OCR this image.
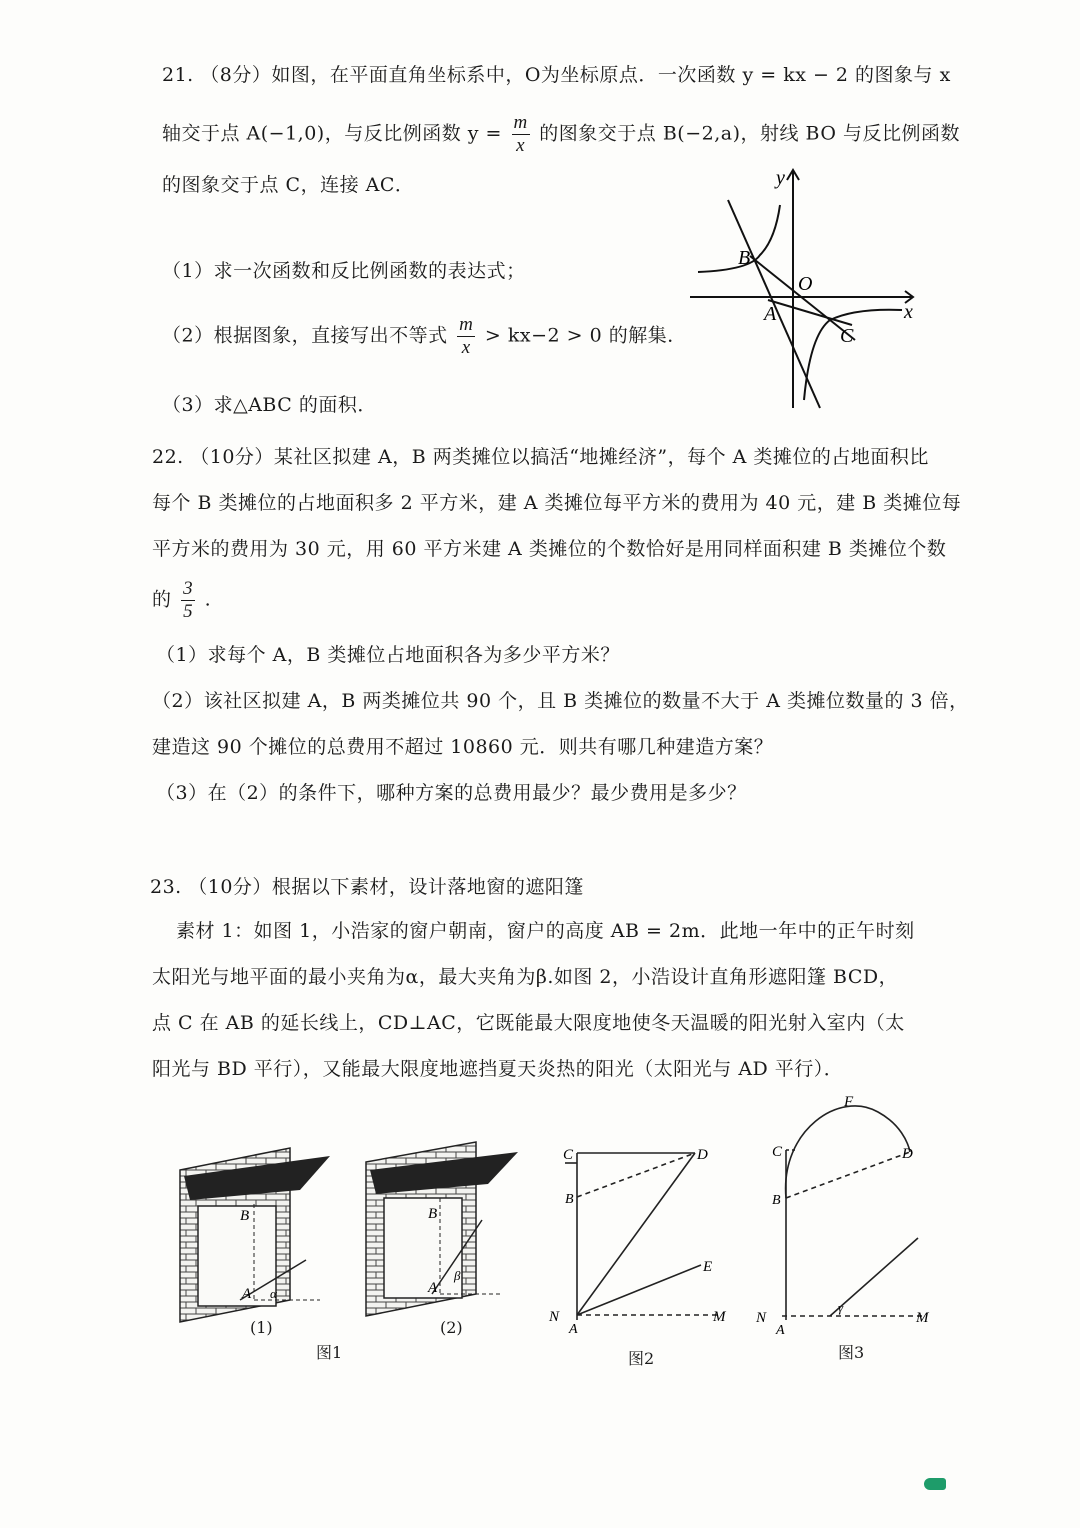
21. （8分）如图，在平面直角坐标系中，O为坐标原点．一次函数 y = kx − 2 的图象与 x
轴交于点 A(−1,0)，与反比例函数 $y = \frac{m}{x}$ 的图象交于点 B(−2,a)，射线 BO 与反比例函数
的图象交于点 C，连接 AC．
（1）求一次函数和反比例函数的表达式；
（2）根据图象，直接写出不等式 $\frac{m}{x} > kx-2 > 0$ 的解集．
（3）求△ABC 的面积．
y
x
O
A
B
C
22. （10分）某社区拟建 A，B 两类摊位以搞活“地摊经济”，每个 A 类摊位的占地面积比
每个 B 类摊位的占地面积多 2 平方米，建 A 类摊位每平方米的费用为 40 元，建 B 类摊位每
平方米的费用为 30 元，用 60 平方米建 A 类摊位的个数恰好是用同样面积建 B 类摊位个数
的 $\frac{3}{5}$ .
（1）求每个 A，B 类摊位占地面积各为多少平方米？
（2）该社区拟建 A，B 两类摊位共 90 个，且 B 类摊位的数量不大于 A 类摊位数量的 3 倍，
建造这 90 个摊位的总费用不超过 10860 元．则共有哪几种建造方案？
（3）在（2）的条件下，哪种方案的总费用最少？最少费用是多少？
23. （10分）根据以下素材，设计落地窗的遮阳篷
素材 1：如图 1，小浩家的窗户朝南，窗户的高度 AB = 2m．此地一年中的正午时刻
太阳光与地平面的最小夹角为α，最大夹角为β.如图 2，小浩设计直角形遮阳篷 BCD，
点 C 在 AB 的延长线上，CD⊥AC，它既能最大限度地使冬天温暖的阳光射入室内（太
阳光与 BD 平行），又能最大限度地遮挡夏天炎热的阳光（太阳光与 AD 平行）．
B
A α
B
A
β
(1)	(2)
图1
C	D
B
E
N
A
M
图2
F
C	D
B
N
A
M
γ
图3
